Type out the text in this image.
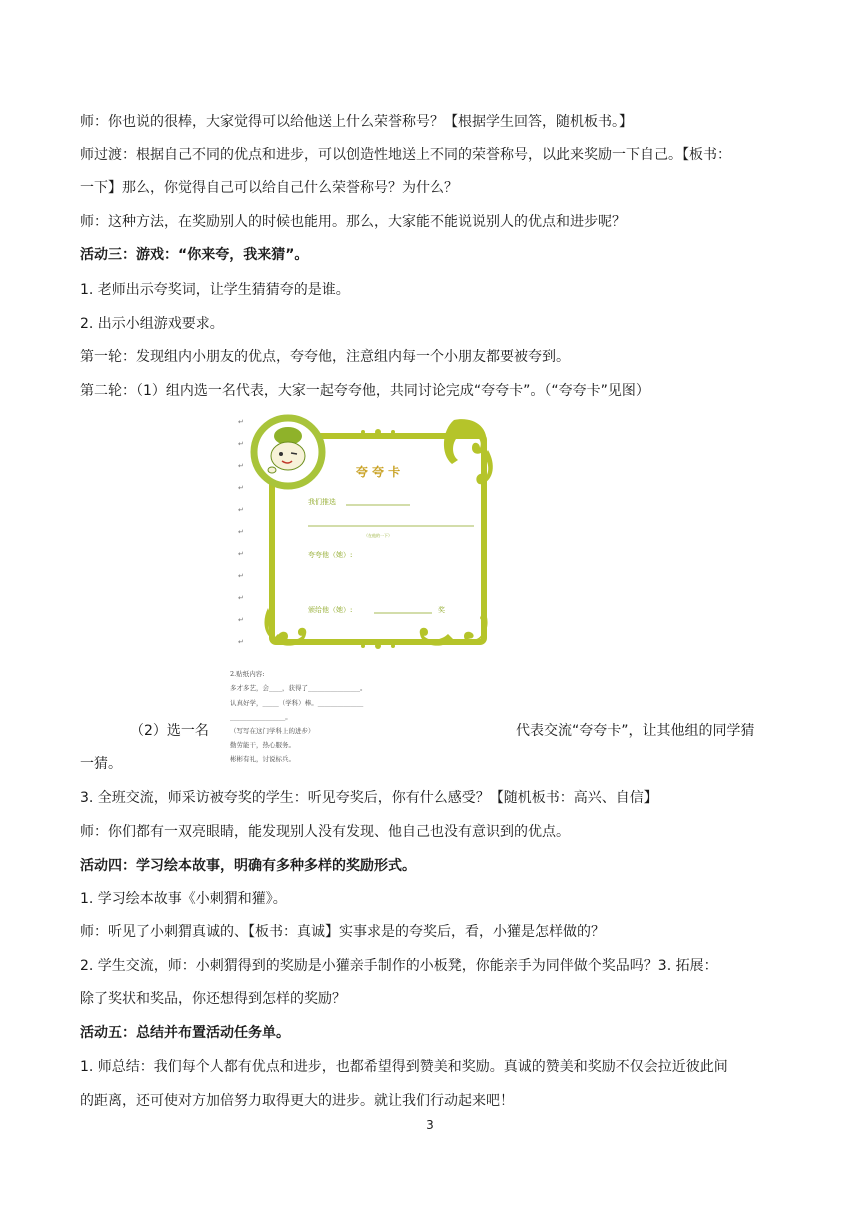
师：你也说的很棒，大家觉得可以给他送上什么荣誉称号？【根据学生回答，随机板书。】
师过渡：根据自己不同的优点和进步，可以创造性地送上不同的荣誉称号，以此来奖励一下自己。【板书：
一下】那么，你觉得自己可以给自己什么荣誉称号？为什么？
师：这种方法，在奖励别人的时候也能用。那么，大家能不能说说别人的优点和进步呢？
活动三：游戏：“你来夸，我来猜”。
1. 老师出示夸奖词，让学生猜猜夸的是谁。
2. 出示小组游戏要求。
第一轮：发现组内小朋友的优点，夸夸他，注意组内每一个小朋友都要被夸到。
第二轮：（1）组内选一名代表，大家一起夸夸他，共同讨论完成“夸夸卡”。（“夸夸卡”见图）
↵
↵
↵
↵
↵
↵
↵
↵
↵
↵
↵
夸 夸 卡
我们推选
（在他的一下）
夸夸他（她）:
颁给他（她）:	奖
2.贴纸内容:
多才多艺，会____，获得了________________。
认真好学，_____（学科）棒。______________
_________________。
（写写在这门学科上的进步）
勤劳能干，热心服务。
彬彬有礼，讨说标兵。
（2）选一名	代表交流“夸夸卡”，让其他组的同学猜
一猜。
3. 全班交流，师采访被夸奖的学生：听见夸奖后，你有什么感受？【随机板书：高兴、自信】
师：你们都有一双亮眼睛，能发现别人没有发现、他自己也没有意识到的优点。
活动四：学习绘本故事，明确有多种多样的奖励形式。
1. 学习绘本故事《小刺猬和獾》。
师：听见了小刺猬真诚的、【板书：真诚】实事求是的夸奖后，看，小獾是怎样做的？
2. 学生交流，师：小刺猬得到的奖励是小獾亲手制作的小板凳，你能亲手为同伴做个奖品吗？3. 拓展：
除了奖状和奖品，你还想得到怎样的奖励？
活动五：总结并布置活动任务单。
1. 师总结：我们每个人都有优点和进步，也都希望得到赞美和奖励。真诚的赞美和奖励不仅会拉近彼此间
的距离，还可使对方加倍努力取得更大的进步。就让我们行动起来吧！
3
